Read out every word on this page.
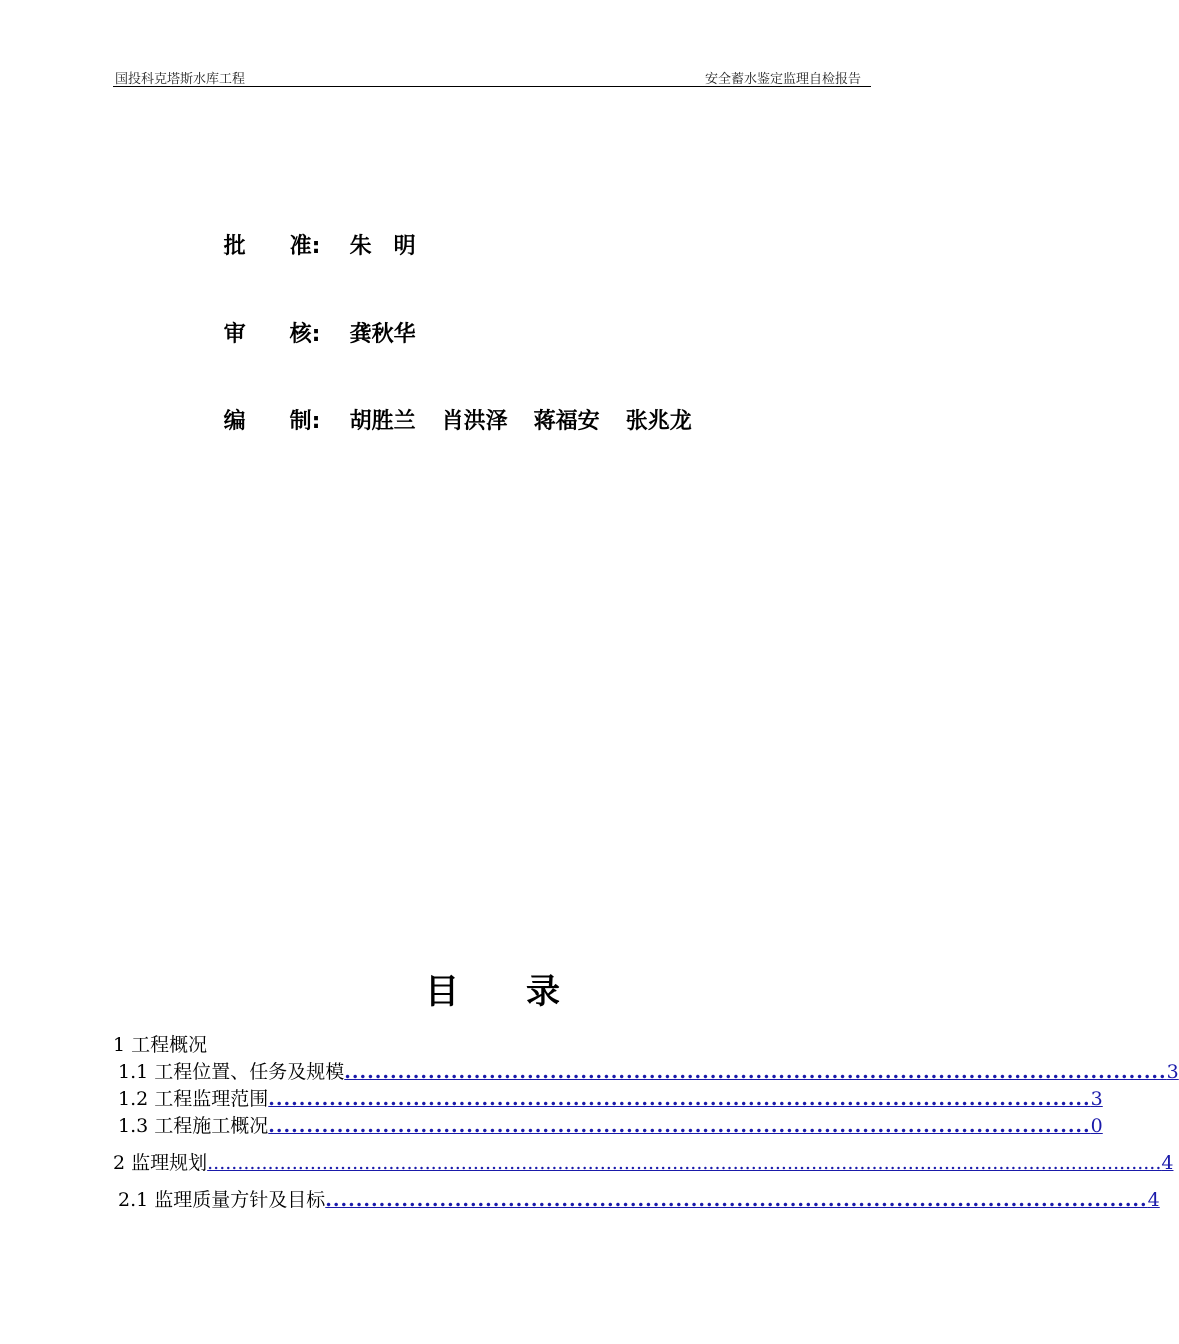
国投科克塔斯水库工程	安全蓄水鉴定监理自检报告

批　　准: 朱　明

审　　核: 龚秋华

编　　制: 胡胜兰 肖洪泽 蒋福安 张兆龙

目 录
1 工程概况
1.1 工程位置、任务及规模 ............................................................................................................ 3
1.2 工程监理范围 ............................................................................................................ 3
1.3 工程施工概况 ............................................................................................................ 0
2 监理规划 .............................................................................................................................................................. 4
2.1 监理质量方针及目标 ............................................................................................................ 4
